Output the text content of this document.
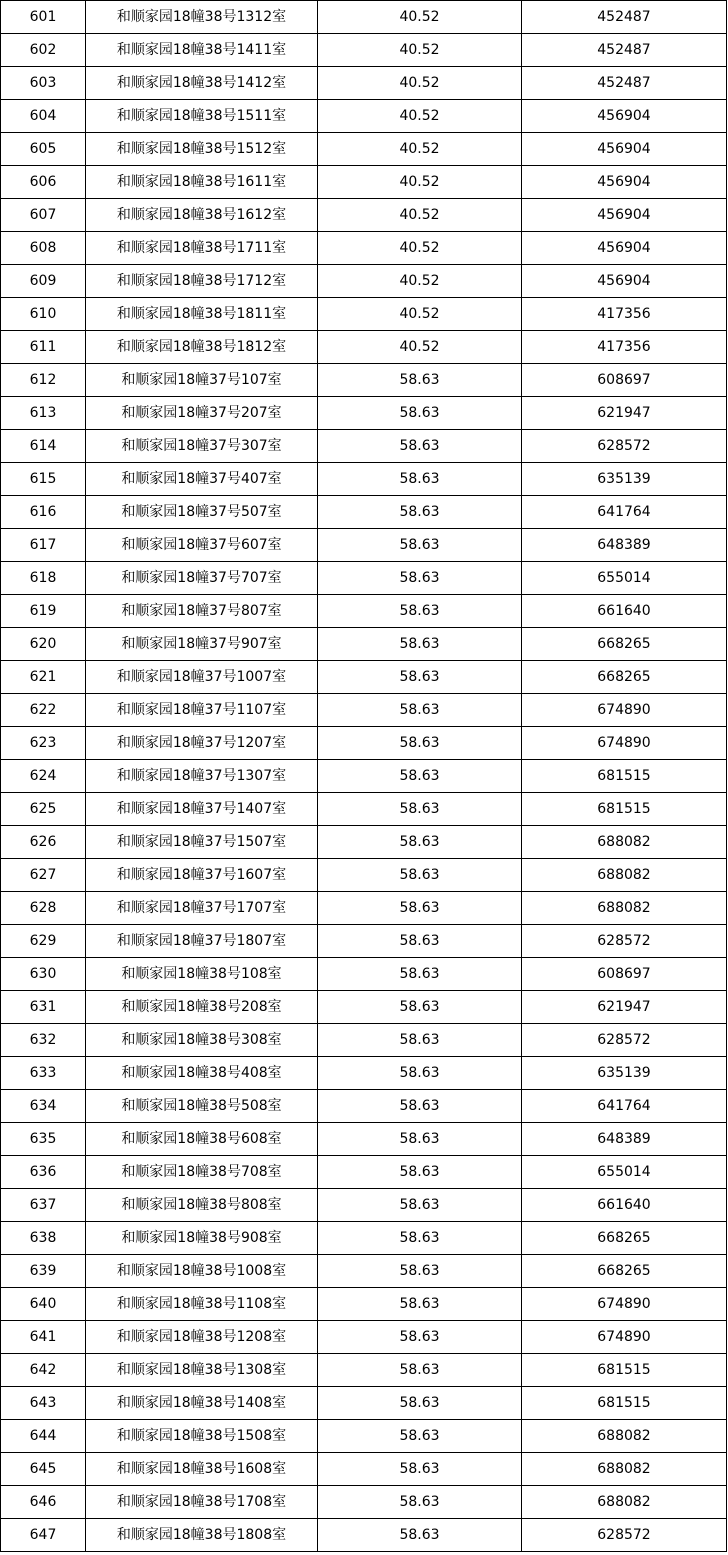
601	和顺家园18幢38号1312室	40.52	452487
602	和顺家园18幢38号1411室	40.52	452487
603	和顺家园18幢38号1412室	40.52	452487
604	和顺家园18幢38号1511室	40.52	456904
605	和顺家园18幢38号1512室	40.52	456904
606	和顺家园18幢38号1611室	40.52	456904
607	和顺家园18幢38号1612室	40.52	456904
608	和顺家园18幢38号1711室	40.52	456904
609	和顺家园18幢38号1712室	40.52	456904
610	和顺家园18幢38号1811室	40.52	417356
611	和顺家园18幢38号1812室	40.52	417356
612	和顺家园18幢37号107室	58.63	608697
613	和顺家园18幢37号207室	58.63	621947
614	和顺家园18幢37号307室	58.63	628572
615	和顺家园18幢37号407室	58.63	635139
616	和顺家园18幢37号507室	58.63	641764
617	和顺家园18幢37号607室	58.63	648389
618	和顺家园18幢37号707室	58.63	655014
619	和顺家园18幢37号807室	58.63	661640
620	和顺家园18幢37号907室	58.63	668265
621	和顺家园18幢37号1007室	58.63	668265
622	和顺家园18幢37号1107室	58.63	674890
623	和顺家园18幢37号1207室	58.63	674890
624	和顺家园18幢37号1307室	58.63	681515
625	和顺家园18幢37号1407室	58.63	681515
626	和顺家园18幢37号1507室	58.63	688082
627	和顺家园18幢37号1607室	58.63	688082
628	和顺家园18幢37号1707室	58.63	688082
629	和顺家园18幢37号1807室	58.63	628572
630	和顺家园18幢38号108室	58.63	608697
631	和顺家园18幢38号208室	58.63	621947
632	和顺家园18幢38号308室	58.63	628572
633	和顺家园18幢38号408室	58.63	635139
634	和顺家园18幢38号508室	58.63	641764
635	和顺家园18幢38号608室	58.63	648389
636	和顺家园18幢38号708室	58.63	655014
637	和顺家园18幢38号808室	58.63	661640
638	和顺家园18幢38号908室	58.63	668265
639	和顺家园18幢38号1008室	58.63	668265
640	和顺家园18幢38号1108室	58.63	674890
641	和顺家园18幢38号1208室	58.63	674890
642	和顺家园18幢38号1308室	58.63	681515
643	和顺家园18幢38号1408室	58.63	681515
644	和顺家园18幢38号1508室	58.63	688082
645	和顺家园18幢38号1608室	58.63	688082
646	和顺家园18幢38号1708室	58.63	688082
647	和顺家园18幢38号1808室	58.63	628572
